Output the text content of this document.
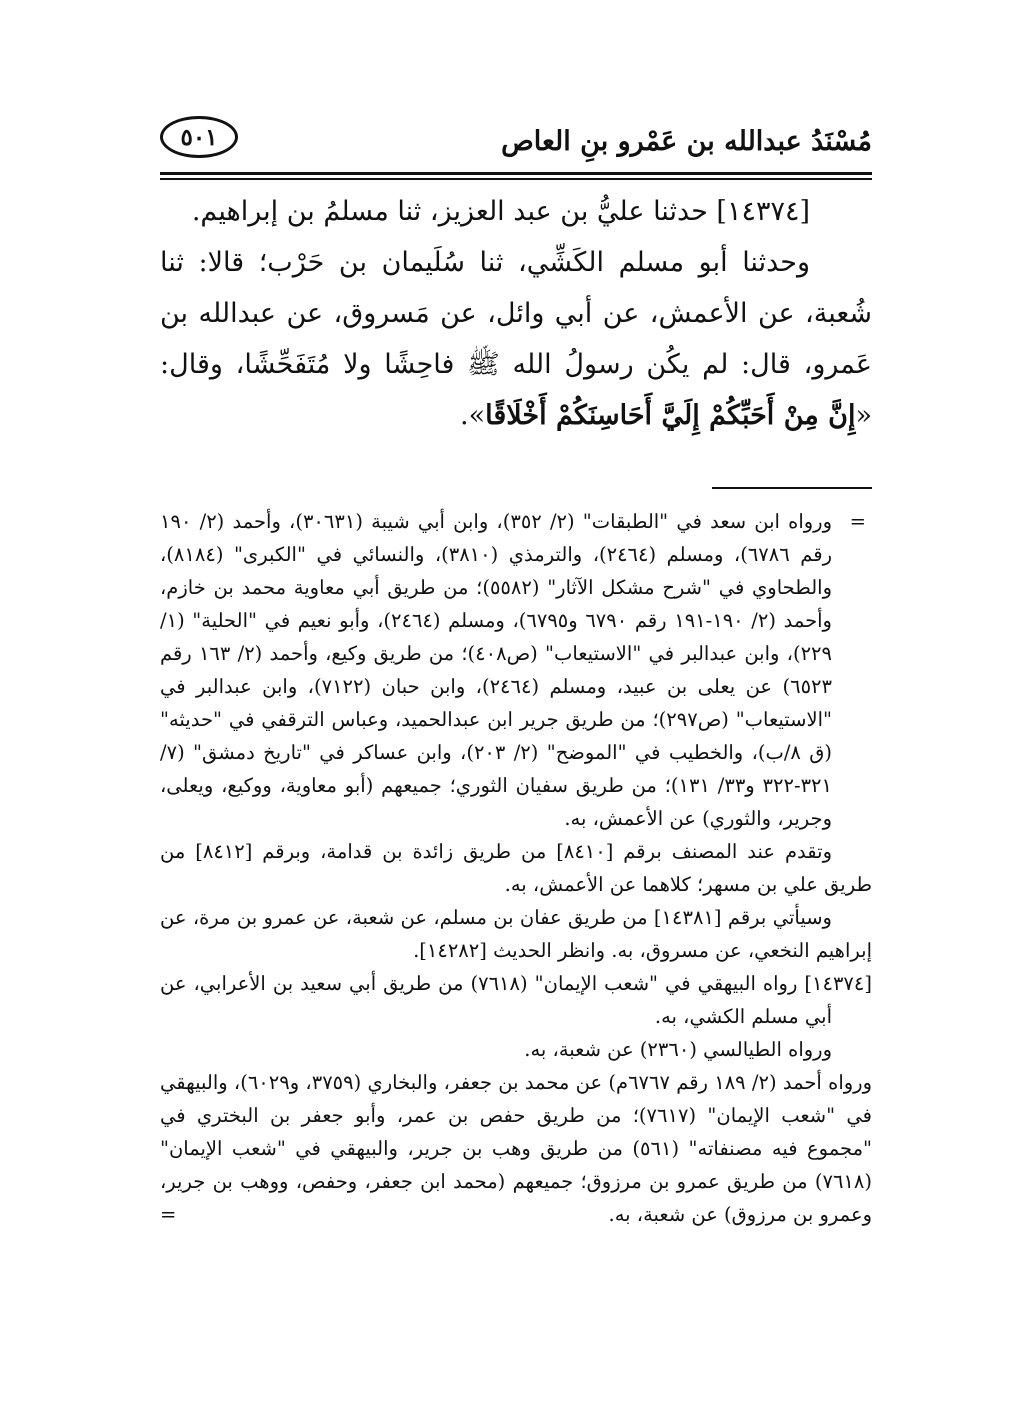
مُسْنَدُ عبدالله بن عَمْرو بنِ العاص
٥٠١

[١٤٣٧٤] حدثنا عليُّ بن عبد العزيز، ثنا مسلمُ بن إبراهيم.

وحدثنا أبو مسلم الكَشِّي، ثنا سُلَيمان بن حَرْب؛ قالا: ثنا شُعبة، عن الأعمش، عن أبي وائل، عن مَسروق، عن عبدالله بن عَمرو، قال: لم يكُن رسولُ الله ﷺ فاحِشًا ولا مُتَفَحِّشًا، وقال: «إِنَّ مِنْ أَحَبِّكُمْ إِلَيَّ أَحَاسِنَكُمْ أَخْلَاقًا».

=
ورواه ابن سعد في "الطبقات" (٢/ ٣٥٢)، وابن أبي شيبة (٣٠٦٣١)، وأحمد (٢/ ١٩٠ رقم ٦٧٨٦)، ومسلم (٢٤٦٤)، والترمذي (٣٨١٠)، والنسائي في "الكبرى" (٨١٨٤)، والطحاوي في "شرح مشكل الآثار" (٥٥٨٢)؛ من طريق أبي معاوية محمد بن خازم، وأحمد (٢/ ١٩٠-١٩١ رقم ٦٧٩٠ و٦٧٩٥)، ومسلم (٢٤٦٤)، وأبو نعيم في "الحلية" (١/ ٢٢٩)، وابن عبدالبر في "الاستيعاب" (ص٤٠٨)؛ من طريق وكيع، وأحمد (٢/ ١٦٣ رقم ٦٥٢٣) عن يعلى بن عبيد، ومسلم (٢٤٦٤)، وابن حبان (٧١٢٢)، وابن عبدالبر في "الاستيعاب" (ص٢٩٧)؛ من طريق جرير ابن عبدالحميد، وعباس الترقفي في "حديثه" (ق ٨/ب)، والخطيب في "الموضح" (٢/ ٢٠٣)، وابن عساكر في "تاريخ دمشق" (٧/ ٣٢١-٣٢٢ و٣٣/ ١٣١)؛ من طريق سفيان الثوري؛ جميعهم (أبو معاوية، ووكيع، ويعلى، وجرير، والثوري) عن الأعمش، به.

وتقدم عند المصنف برقم [٨٤١٠] من طريق زائدة بن قدامة، وبرقم [٨٤١٢] من طريق علي بن مسهر؛ كلاهما عن الأعمش، به.

وسيأتي برقم [١٤٣٨١] من طريق عفان بن مسلم، عن شعبة، عن عمرو بن مرة، عن إبراهيم النخعي، عن مسروق، به. وانظر الحديث [١٤٢٨٢].

[١٤٣٧٤] رواه البيهقي في "شعب الإيمان" (٧٦١٨) من طريق أبي سعيد بن الأعرابي، عن أبي مسلم الكشي، به.

ورواه الطيالسي (٢٣٦٠) عن شعبة، به.

ورواه أحمد (٢/ ١٨٩ رقم ٦٧٦٧م) عن محمد بن جعفر، والبخاري (٣٧٥٩، و٦٠٢٩)، والبيهقي في "شعب الإيمان" (٧٦١٧)؛ من طريق حفص بن عمر، وأبو جعفر بن البختري في "مجموع فيه مصنفاته" (٥٦١) من طريق وهب بن جرير، والبيهقي في "شعب الإيمان" (٧٦١٨) من طريق عمرو بن مرزوق؛ جميعهم (محمد ابن جعفر، وحفص، ووهب بن جرير، وعمرو بن مرزوق) عن شعبة، به.
=
